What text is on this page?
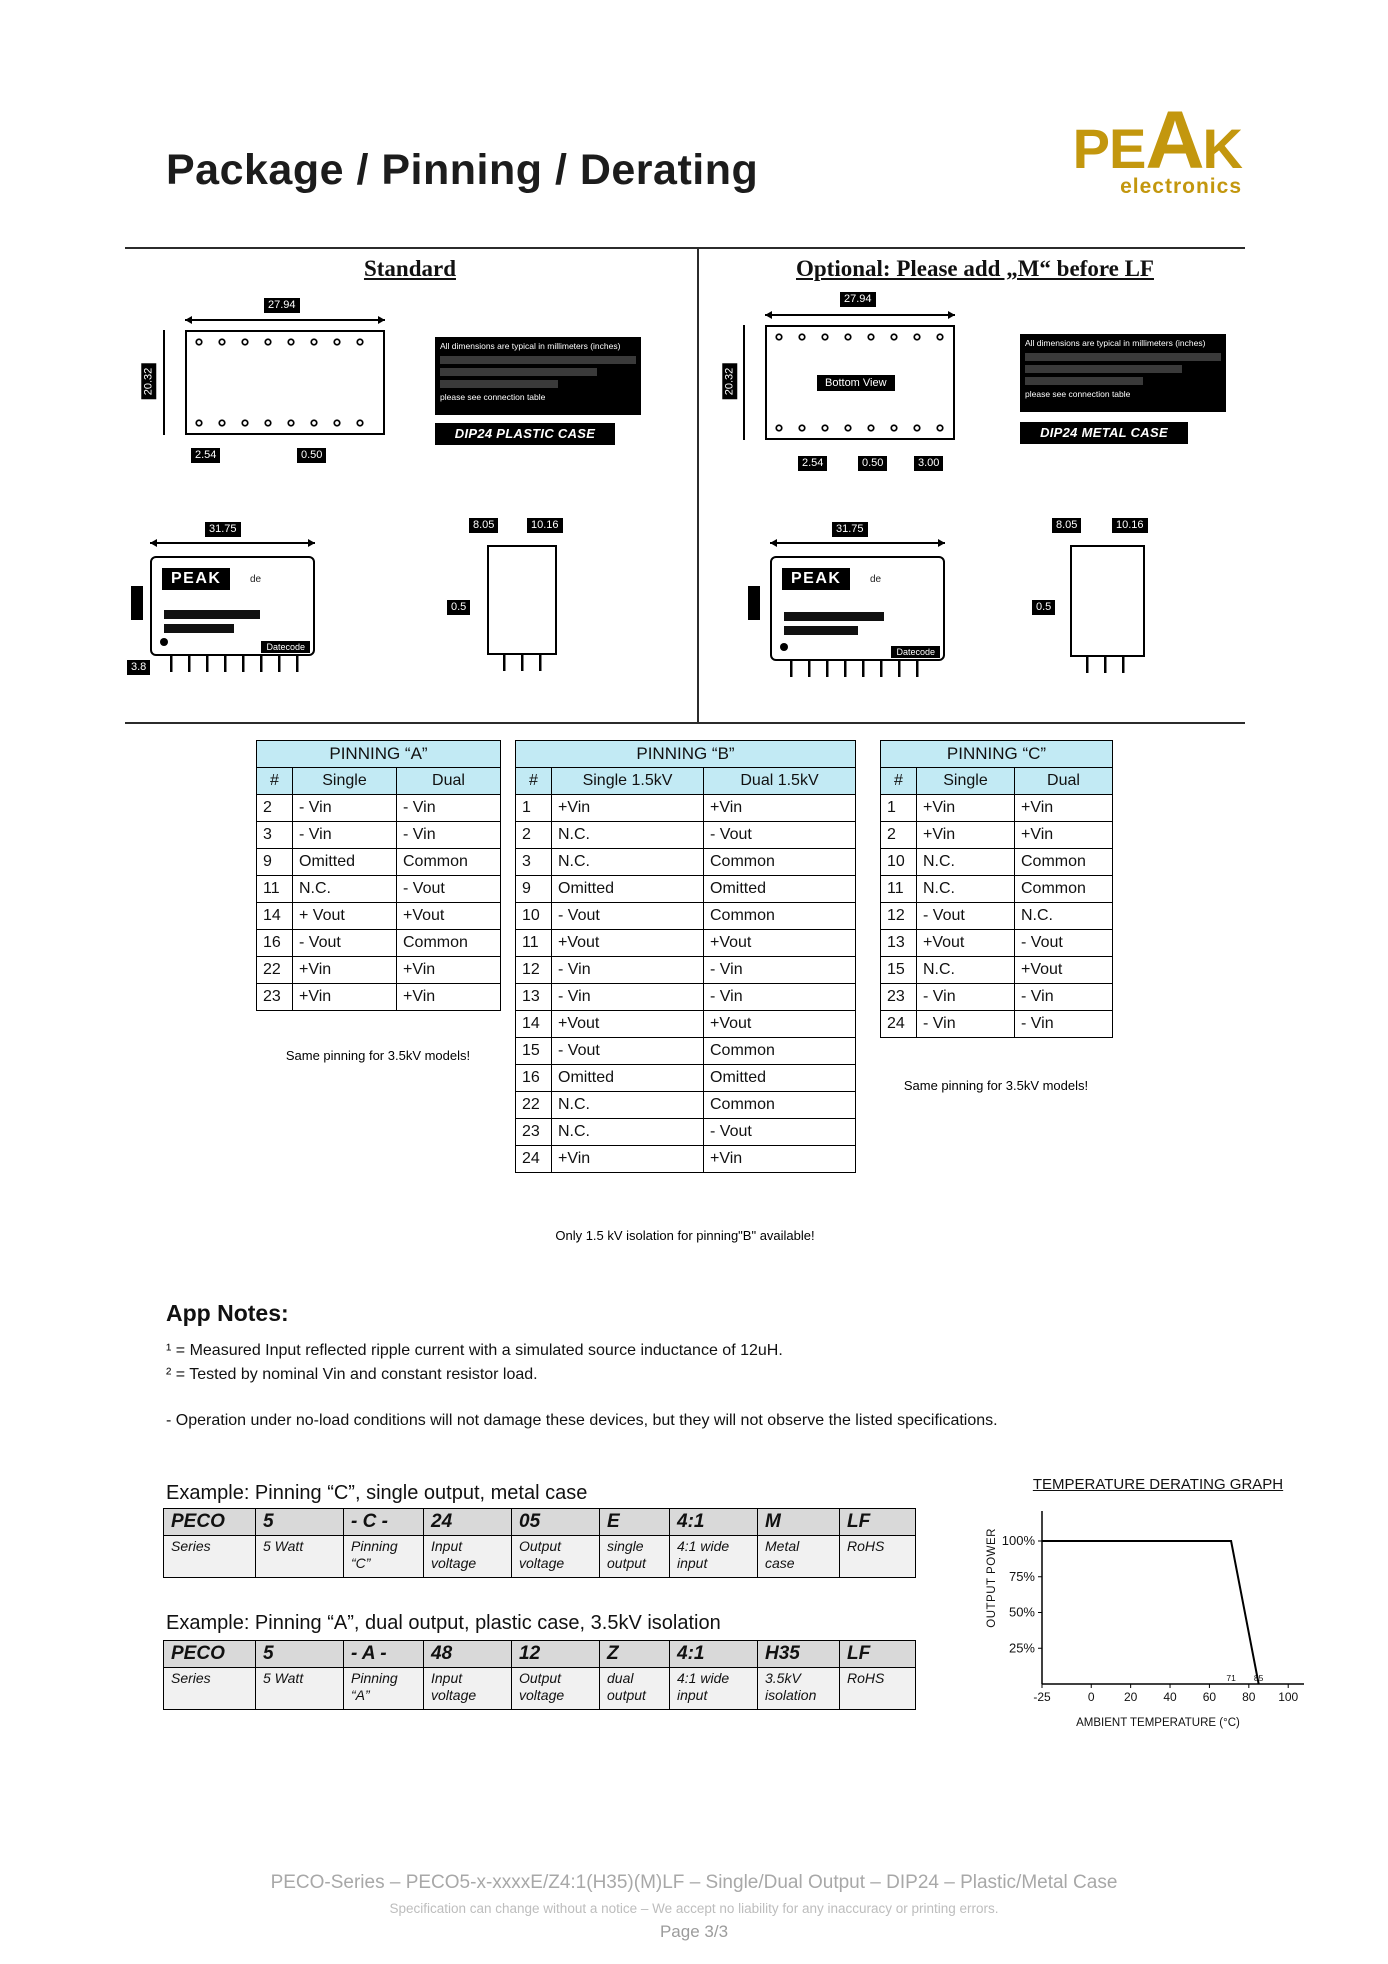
Package / Pinning / Derating	PEAK
electronics
Standard	Optional: Please add „M“ before LF
27.94
20.32
2.54	0.50
All dimensions are typical in millimeters (inches)
please see connection table
DIP24 PLASTIC CASE
31.75
PEAK	de
Datecode
3.8
8.05	10.16
0.5
27.94
Bottom View
20.32
2.54	0.50	3.00
All dimensions are typical in millimeters (inches)
please see connection table
DIP24 METAL CASE
31.75
PEAK	de
Datecode
8.05	10.16
0.5
PINNING “A”		
#	Single	Dual
2	- Vin	- Vin
3	- Vin	- Vin
9	Omitted	Common
11	N.C.	- Vout
14	+ Vout	+Vout
16	- Vout	Common
22	+Vin	+Vin
23	+Vin	+Vin
Same pinning for 3.5kV models!
PINNING “B”		
#	Single 1.5kV	Dual 1.5kV
1	+Vin	+Vin
2	N.C.	- Vout
3	N.C.	Common
9	Omitted	Omitted
10	- Vout	Common
11	+Vout	+Vout
12	- Vin	- Vin
13	- Vin	- Vin
14	+Vout	+Vout
15	- Vout	Common
16	Omitted	Omitted
22	N.C.	Common
23	N.C.	- Vout
24	+Vin	+Vin
Only 1.5 kV isolation for pinning"B" available!
PINNING “C”		
#	Single	Dual
1	+Vin	+Vin
2	+Vin	+Vin
10	N.C.	Common
11	N.C.	Common
12	- Vout	N.C.
13	+Vout	- Vout
15	N.C.	+Vout
23	- Vin	- Vin
24	- Vin	- Vin
Same pinning for 3.5kV models!
App Notes:
¹ = Measured Input reflected ripple current with a simulated source inductance of 12uH.
² = Tested by nominal Vin and constant resistor load.
- Operation under no-load conditions will not damage these devices, but they will not observe the listed specifications.
Example: Pinning “C”, single output, metal case
PECO	5	- C -	24	05	E	4:1	M	LF
Series	5 Watt	Pinning “C”	Input voltage	Output voltage	single output	4:1 wide input	Metal case	RoHS
Example: Pinning “A”, dual output, plastic case, 3.5kV isolation
PECO	5	- A -	48	12	Z	4:1	H35	LF
Series	5 Watt	Pinning “A”	Input voltage	Output voltage	dual output	4:1 wide input	3.5kV isolation	RoHS
TEMPERATURE DERATING GRAPH
OUTPUT POWER
-25	0 20 40 60 80 100
100%
75%
50%
25%
71 85
AMBIENT TEMPERATURE (°C)
PECO-Series – PECO5-x-xxxxE/Z4:1(H35)(M)LF – Single/Dual Output – DIP24 – Plastic/Metal Case
Specification can change without a notice – We accept no liability for any inaccuracy or printing errors.
Page 3/3
